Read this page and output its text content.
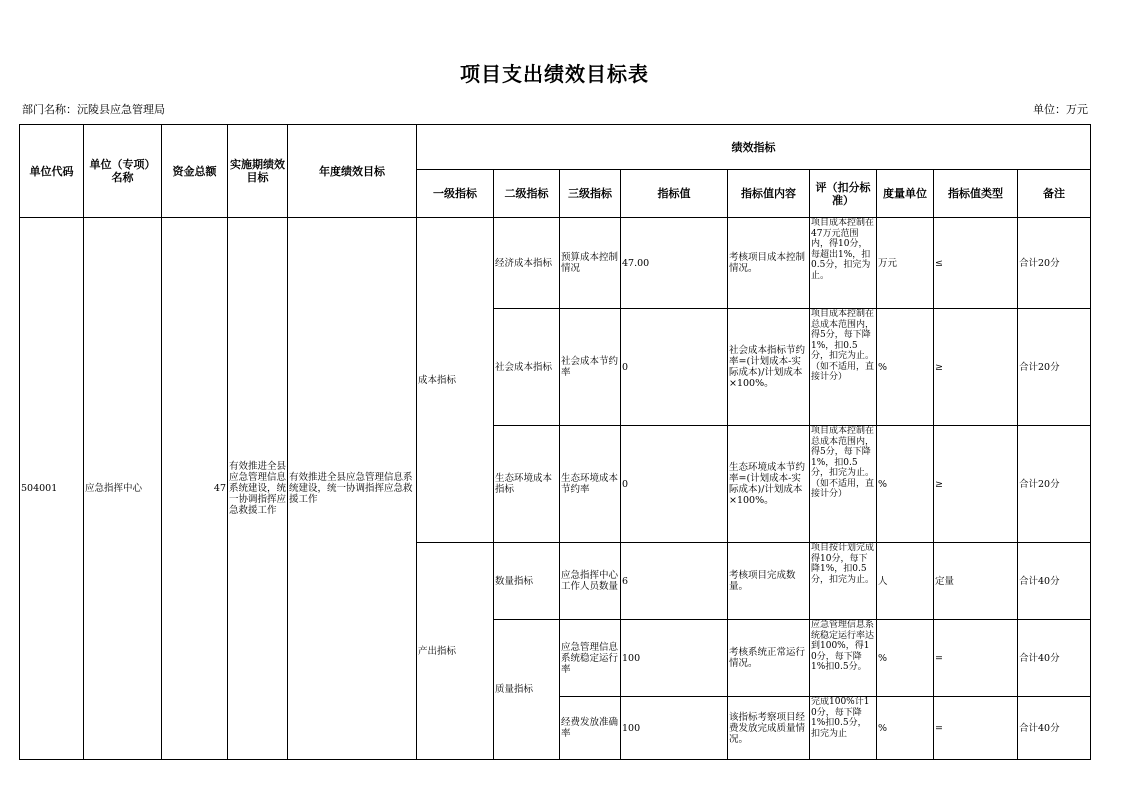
项目支出绩效目标表
部门名称：沅陵县应急管理局	单位：万元
单位代码	单位（专项）名称	资金总额	实施期绩效目标	年度绩效目标	绩效指标								
					一级指标	二级指标	三级指标	指标值	指标值内容	评（扣分标准）	度量单位	指标值类型	备注
504001	应急指挥中心	47	有效推进全县应急管理信息系统建设，统一协调指挥应急救援工作	有效推进全县应急管理信息系统建设，统一协调指挥应急救援工作	成本指标	经济成本指标	预算成本控制情况	47.00	考核项目成本控制情况。	项目成本控制在47万元范围内，得10分，每超出1%，扣0.5分，扣完为止。	万元	≤	合计20分
						社会成本指标	社会成本节约率	0	社会成本指标节约率=(计划成本-实际成本)/计划成本×100%。	项目成本控制在总成本范围内，得5分，每下降1%，扣0.5分，扣完为止。（如不适用，直接计分）	%	≥	合计20分
						生态环境成本指标	生态环境成本节约率	0	生态环境成本节约率=(计划成本-实际成本)/计划成本×100%。	项目成本控制在总成本范围内，得5分，每下降1%，扣0.5分，扣完为止。（如不适用，直接计分）	%	≥	合计20分
					产出指标	数量指标	应急指挥中心工作人员数量	6	考核项目完成数量。	项目按计划完成得10分，每下降1%，扣0.5分，扣完为止。	人	定量	合计40分
						质量指标	应急管理信息系统稳定运行率	100	考核系统正常运行情况。	应急管理信息系统稳定运行率达到100%，得10分，每下降1%扣0.5分。	%	=	合计40分
							经费发放准确率	100	该指标考察项目经费发放完成质量情况。	完成100%计10分，每下降1%扣0.5分，扣完为止	%	=	合计40分
